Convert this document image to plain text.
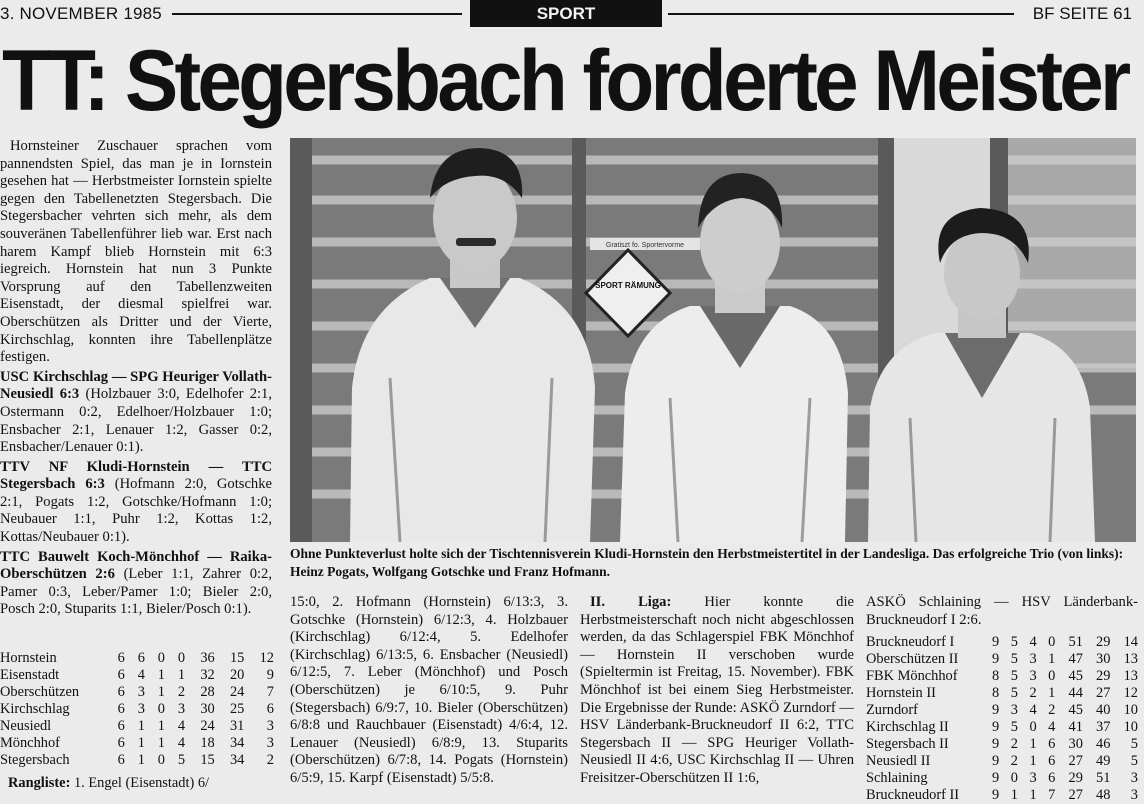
3. NOVEMBER 1985	SPORT	BF SEITE 61
TT: Stegersbach forderte Meister
Gratiszt fo. Sportervorme
SPORT RÄMUNG
Ohne Punkteverlust holte sich der Tischtennisverein Kludi-Hornstein den Herbstmeistertitel in der Landesliga. Das erfolgreiche Trio (von links): Heinz Pogats, Wolfgang Gotschke und Franz Hofmann.

Hornsteiner Zuschauer sprachen vom pannendsten Spiel, das man je in Iornstein gesehen hat — Herbstmeister Iornstein spielte gegen den Tabellenetzten Stegersbach. Die Stegersbacher vehrten sich mehr, als dem souveränen Tabellenführer lieb war. Erst nach harem Kampf blieb Hornstein mit 6:3 iegreich. Hornstein hat nun 3 Punkte Vorsprung auf den Tabellenzweiten Eisenstadt, der diesmal spielfrei war. Oberschützen als Dritter und der Vierte, Kirchschlag, konnten ihre Tabellenplätze festigen.

USC Kirchschlag — SPG Heuriger Vollath-Neusiedl 6:3 (Holzbauer 3:0, Edelhofer 2:1, Ostermann 0:2, Edelhoer/Holzbauer 1:0; Ensbacher 2:1, Lenauer 1:2, Gasser 0:2, Ensbacher/Lenauer 0:1).

TTV NF Kludi-Hornstein — TTC Stegersbach 6:3 (Hofmann 2:0, Gotschke 2:1, Pogats 1:2, Gotschke/Hofmann 1:0; Neubauer 1:1, Puhr 1:2, Kottas 1:2, Kottas/Neubauer 0:1).

TTC Bauwelt Koch-Mönchhof — Raika-Oberschützen 2:6 (Leber 1:1, Zahrer 0:2, Pamer 0:3, Leber/Pamer 1:0; Bieler 2:0, Posch 2:0, Stuparits 1:1, Bieler/Posch 0:1).

Hornstein	6	6	0	0	36	15	12
Eisenstadt	6	4	1	1	32	20	9
Oberschützen	6	3	1	2	28	24	7
Kirchschlag	6	3	0	3	30	25	6
Neusiedl	6	1	1	4	24	31	3
Mönchhof	6	1	1	4	18	34	3
Stegersbach	6	1	0	5	15	34	2
Rangliste: 1. Engel (Eisenstadt) 6/

15:0, 2. Hofmann (Hornstein) 6/13:3, 3. Gotschke (Hornstein) 6/12:3, 4. Holzbauer (Kirchschlag) 6/12:4, 5. Edelhofer (Kirchschlag) 6/13:5, 6. Ensbacher (Neusiedl) 6/12:5, 7. Leber (Mönchhof) und Posch (Oberschützen) je 6/10:5, 9. Puhr (Stegersbach) 6/9:7, 10. Bieler (Oberschützen) 6/8:8 und Rauchbauer (Eisenstadt) 4/6:4, 12. Lenauer (Neusiedl) 6/8:9, 13. Stuparits (Oberschützen) 6/7:8, 14. Pogats (Hornstein) 6/5:9, 15. Karpf (Eisenstadt) 5/5:8.

II. Liga: Hier konnte die Herbstmeisterschaft noch nicht abgeschlossen werden, da das Schlagerspiel FBK Mönchhof — Hornstein II verschoben wurde (Spieltermin ist Freitag, 15. November). FBK Mönchhof ist bei einem Sieg Herbstmeister. Die Ergebnisse der Runde: ASKÖ Zurndorf — HSV Länderbank-Bruckneudorf II 6:2, TTC Stegersbach II — SPG Heuriger Vollath-Neusiedl II 4:6, USC Kirchschlag II — Uhren Freisitzer-Oberschützen II 1:6,

ASKÖ Schlaining — HSV Länderbank-Bruckneudorf I 2:6.

Bruckneudorf I	9	5	4	0	51	29	14
Oberschützen II	9	5	3	1	47	30	13
FBK Mönchhof	8	5	3	0	45	29	13
Hornstein II	8	5	2	1	44	27	12
Zurndorf	9	3	4	2	45	40	10
Kirchschlag II	9	5	0	4	41	37	10
Stegersbach II	9	2	1	6	30	46	5
Neusiedl II	9	2	1	6	27	49	5
Schlaining	9	0	3	6	29	51	3
Bruckneudorf II	9	1	1	7	27	48	3
